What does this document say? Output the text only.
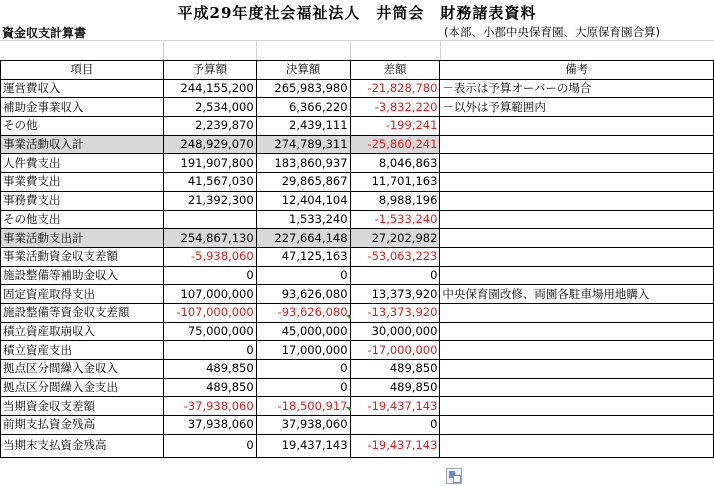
平成29年度社会福祉法人　井筒会　財務諸表資料
資金収支計算書	(本部、小郡中央保育園、大原保育園合算)
項目	予算額	決算額	差額	備考
運営費収入	244,155,200	265,983,980	-21,828,780	－表示は予算オーバーの場合
補助金事業収入	2,534,000	6,366,220	-3,832,220	－以外は予算範囲内
その他	2,239,870	2,439,111	-199,241	
事業活動収入計	248,929,070	274,789,311	-25,860,241	
人件費支出	191,907,800	183,860,937	8,046,863	
事業費支出	41,567,030	29,865,867	11,701,163	
事務費支出	21,392,300	12,404,104	8,988,196	
その他支出		1,533,240	-1,533,240	
事業活動支出計	254,867,130	227,664,148	27,202,982	
事業活動資金収支差額	-5,938,060	47,125,163	-53,063,223	
施設整備等補助金収入	0	0	0	
固定資産取得支出	107,000,000	93,626,080	13,373,920	中央保育園改修、両園各駐車場用地購入
施設整備等資金収支差額	-107,000,000	-93,626,080	-13,373,920	
積立資産取崩収入	75,000,000	45,000,000	30,000,000	
積立資産支出	0	17,000,000	-17,000,000	
拠点区分間繰入金収入	489,850	0	489,850	
拠点区分間繰入金支出	489,850	0	489,850	
当期資金収支差額	-37,938,060	-18,500,917	-19,437,143	
前期支払資金残高	37,938,060	37,938,060	0	
当期末支払資金残高	0	19,437,143	-19,437,143	
